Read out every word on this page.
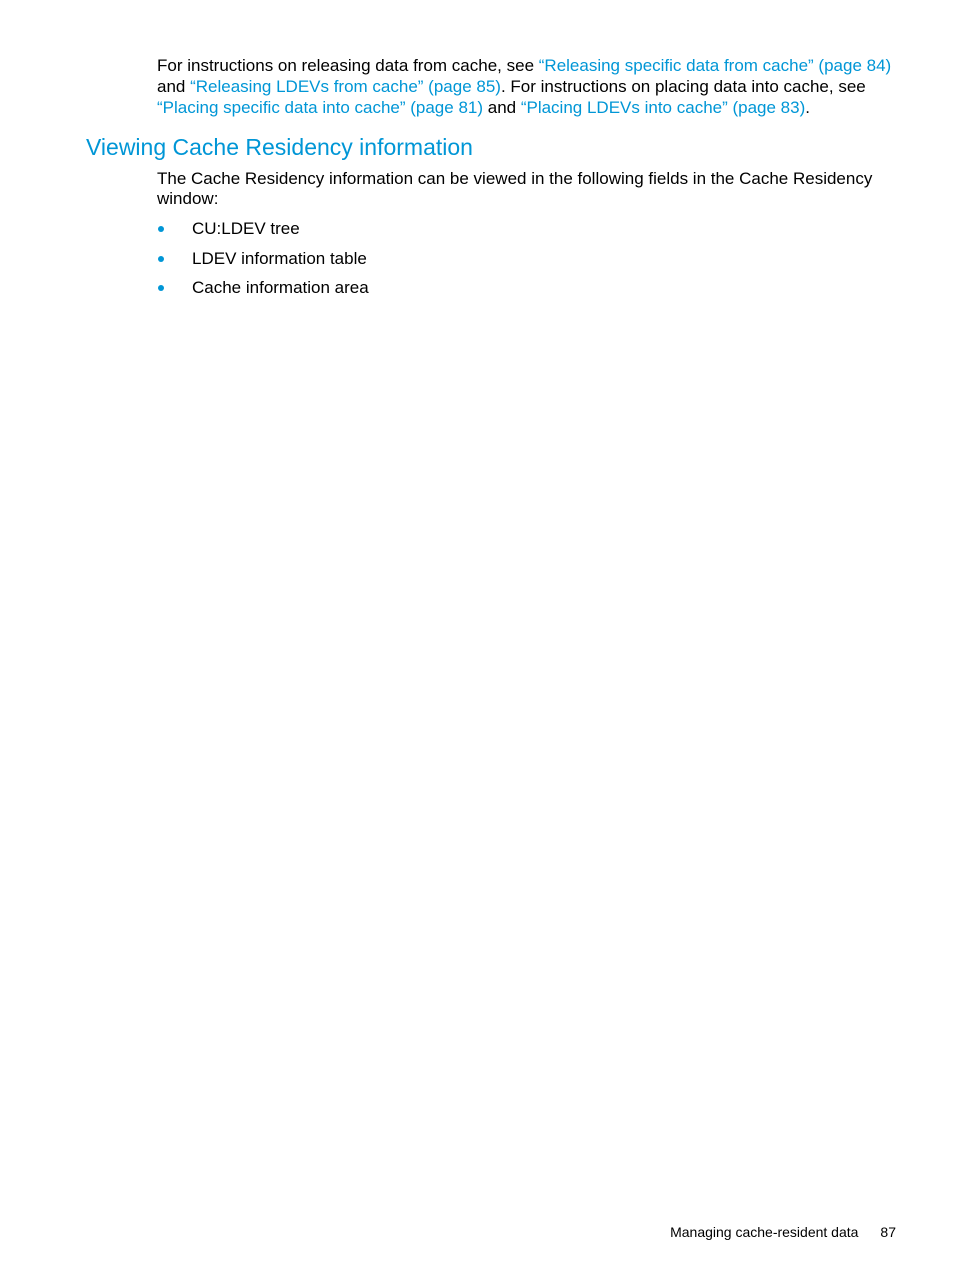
For instructions on releasing data from cache, see “Releasing specific data from cache” (page 84) and “Releasing LDEVs from cache” (page 85). For instructions on placing data into cache, see “Placing specific data into cache” (page 81) and “Placing LDEVs into cache” (page 83).

Viewing Cache Residency information

The Cache Residency information can be viewed in the following fields in the Cache Residency window:

CU:LDEV tree
LDEV information table
Cache information area
Managing cache-resident data 87
